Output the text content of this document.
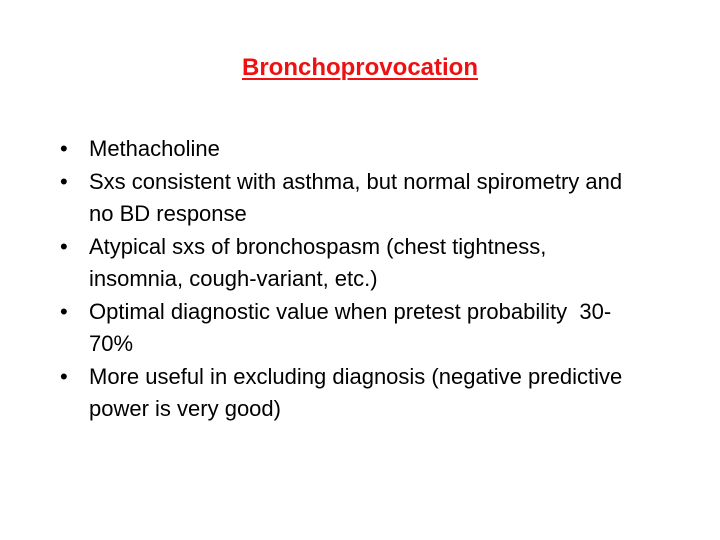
Bronchoprovocation
• Methacholine
• Sxs consistent with asthma, but normal spirometry and no BD response
• Atypical sxs of bronchospasm (chest tightness, insomnia, cough-variant, etc.)
• Optimal diagnostic value when pretest probability  30-70%
• More useful in excluding diagnosis (negative predictive power is very good)
